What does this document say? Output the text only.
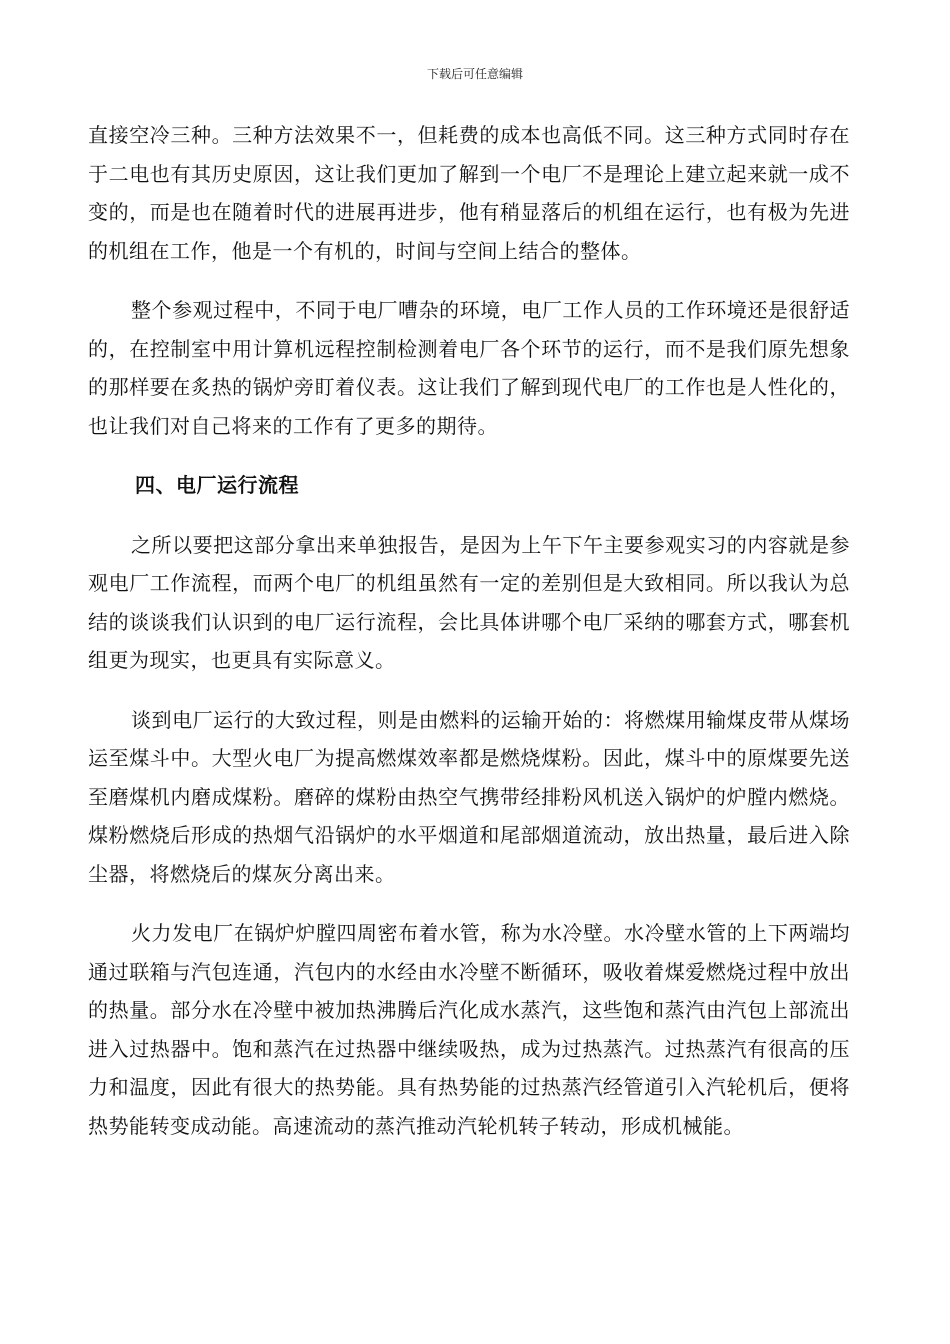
下载后可任意编辑

直接空冷三种。三种方法效果不一，但耗费的成本也高低不同。这三种方式同时存在于二电也有其历史原因，这让我们更加了解到一个电厂不是理论上建立起来就一成不变的，而是也在随着时代的进展再进步，他有稍显落后的机组在运行，也有极为先进的机组在工作，他是一个有机的，时间与空间上结合的整体。

整个参观过程中，不同于电厂嘈杂的环境，电厂工作人员的工作环境还是很舒适的，在控制室中用计算机远程控制检测着电厂各个环节的运行，而不是我们原先想象的那样要在炙热的锅炉旁盯着仪表。这让我们了解到现代电厂的工作也是人性化的，也让我们对自己将来的工作有了更多的期待。

四、电厂运行流程

之所以要把这部分拿出来单独报告，是因为上午下午主要参观实习的内容就是参观电厂工作流程，而两个电厂的机组虽然有一定的差别但是大致相同。所以我认为总结的谈谈我们认识到的电厂运行流程，会比具体讲哪个电厂采纳的哪套方式，哪套机组更为现实，也更具有实际意义。

谈到电厂运行的大致过程，则是由燃料的运输开始的：将燃煤用输煤皮带从煤场运至煤斗中。大型火电厂为提高燃煤效率都是燃烧煤粉。因此，煤斗中的原煤要先送至磨煤机内磨成煤粉。磨碎的煤粉由热空气携带经排粉风机送入锅炉的炉膛内燃烧。煤粉燃烧后形成的热烟气沿锅炉的水平烟道和尾部烟道流动，放出热量，最后进入除尘器，将燃烧后的煤灰分离出来。

火力发电厂在锅炉炉膛四周密布着水管，称为水冷壁。水冷壁水管的上下两端均通过联箱与汽包连通，汽包内的水经由水冷壁不断循环，吸收着煤爱燃烧过程中放出的热量。部分水在冷壁中被加热沸腾后汽化成水蒸汽，这些饱和蒸汽由汽包上部流出进入过热器中。饱和蒸汽在过热器中继续吸热，成为过热蒸汽。过热蒸汽有很高的压力和温度，因此有很大的热势能。具有热势能的过热蒸汽经管道引入汽轮机后，便将热势能转变成动能。高速流动的蒸汽推动汽轮机转子转动，形成机械能。
